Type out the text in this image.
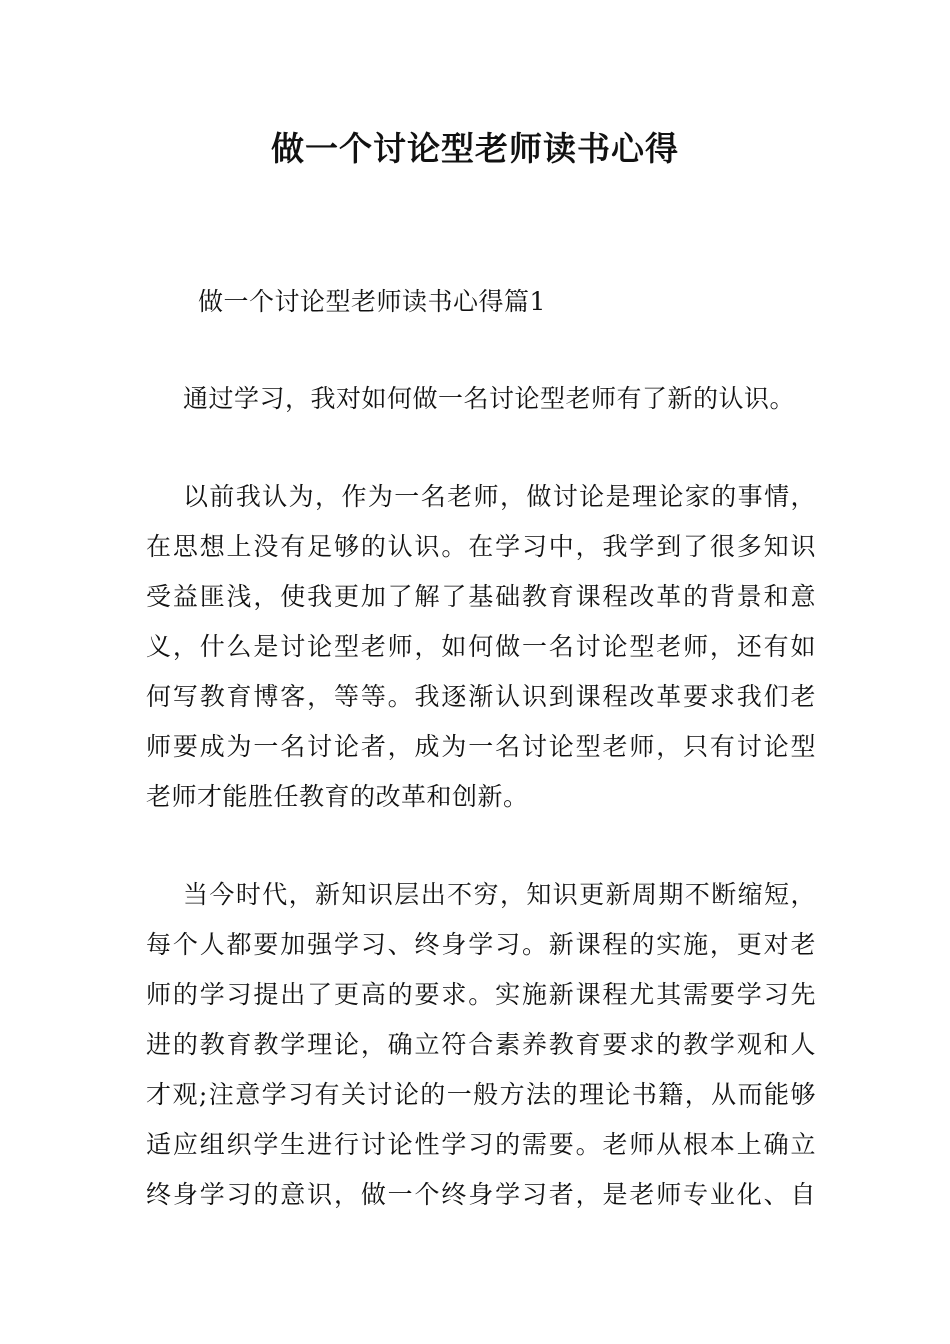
做一个讨论型老师读书心得
做一个讨论型老师读书心得篇1
通过学习，我对如何做一名讨论型老师有了新的认识。
以前我认为，作为一名老师，做讨论是理论家的事情，
在思想上没有足够的认识。在学习中，我学到了很多知识
受益匪浅，使我更加了解了基础教育课程改革的背景和意
义，什么是讨论型老师，如何做一名讨论型老师，还有如
何写教育博客，等等。我逐渐认识到课程改革要求我们老
师要成为一名讨论者，成为一名讨论型老师，只有讨论型
老师才能胜任教育的改革和创新。
当今时代，新知识层出不穷，知识更新周期不断缩短，
每个人都要加强学习、终身学习。新课程的实施，更对老
师的学习提出了更高的要求。实施新课程尤其需要学习先
进的教育教学理论，确立符合素养教育要求的教学观和人
才观;注意学习有关讨论的一般方法的理论书籍，从而能够
适应组织学生进行讨论性学习的需要。老师从根本上确立
终身学习的意识，做一个终身学习者，是老师专业化、自
